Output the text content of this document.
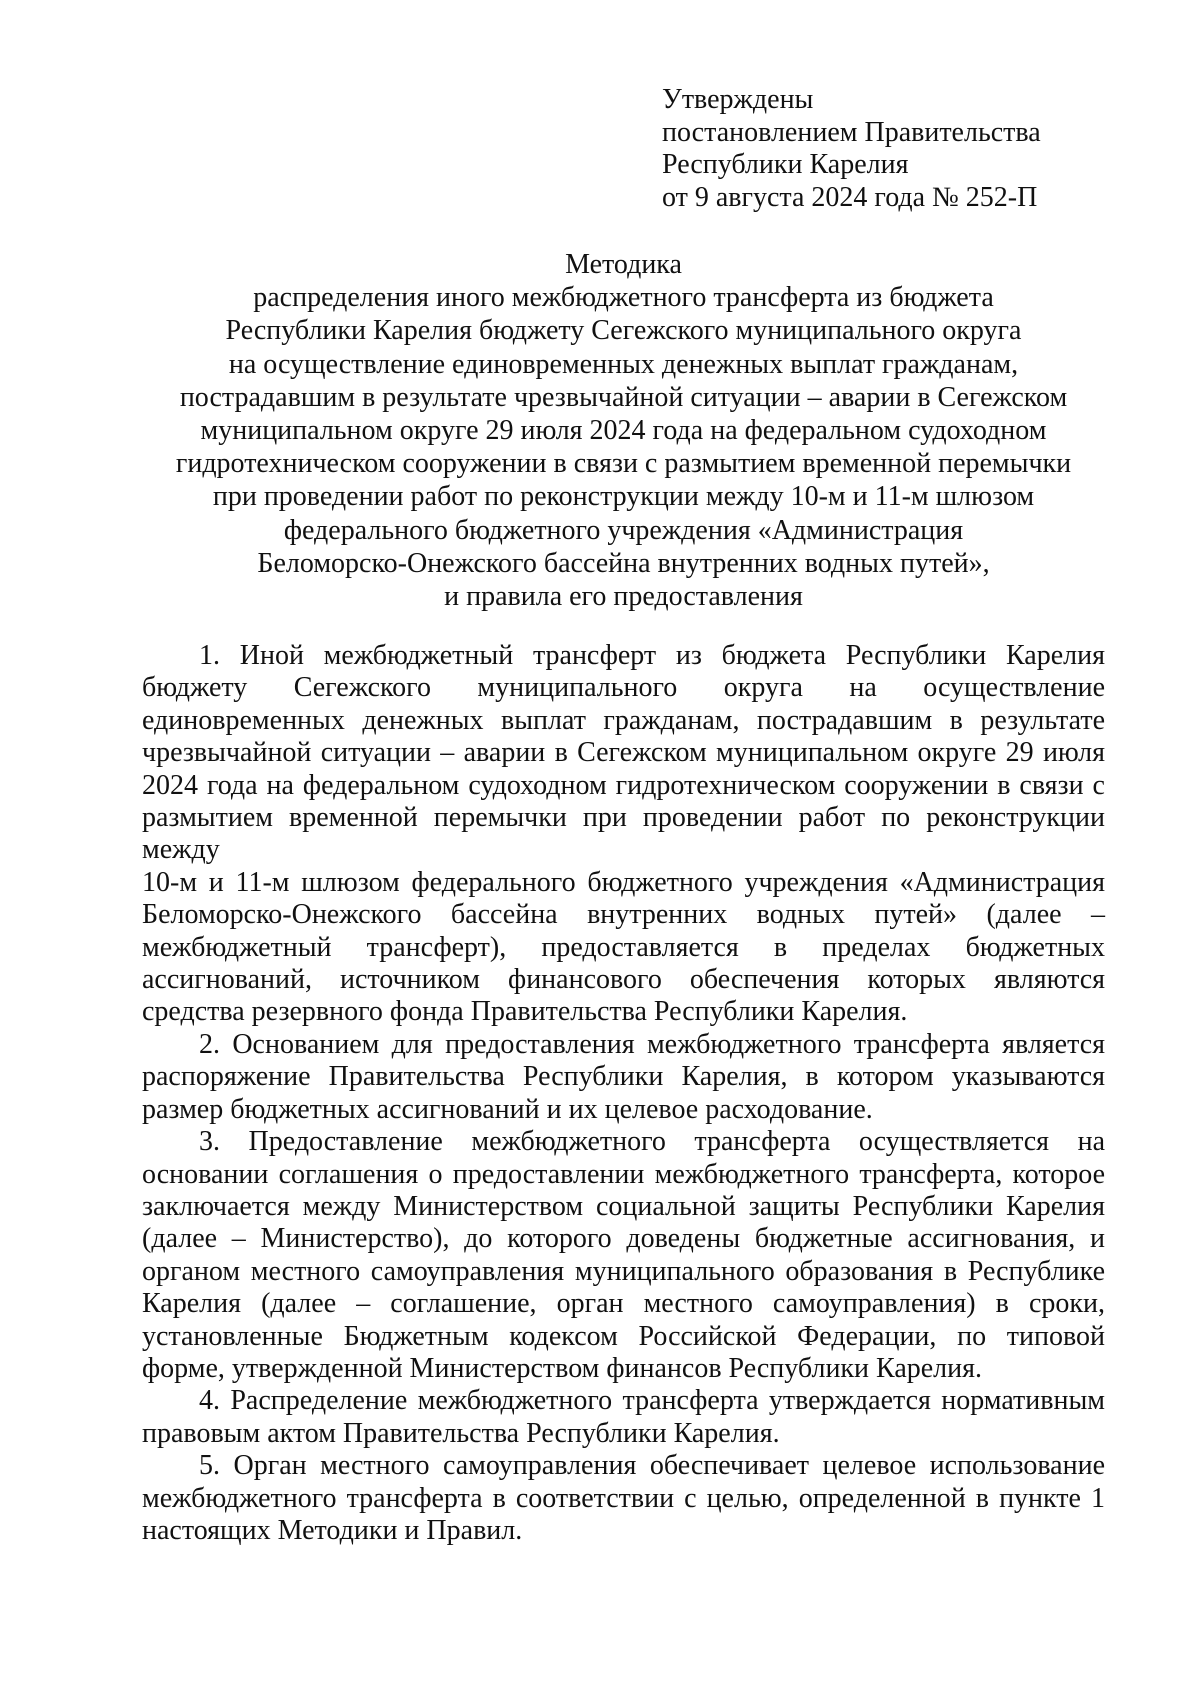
Утверждены
постановлением Правительства
Республики Карелия
от 9 августа 2024 года № 252-П
Методика
распределения иного межбюджетного трансферта из бюджета
Республики Карелия бюджету Сегежского муниципального округа
на осуществление единовременных денежных выплат гражданам,
пострадавшим в результате чрезвычайной ситуации – аварии в Сегежском
муниципальном округе 29 июля 2024 года на федеральном судоходном
гидротехническом сооружении в связи с размытием временной перемычки
при проведении работ по реконструкции между 10-м и 11-м шлюзом
федерального бюджетного учреждения «Администрация
Беломорско-Онежского бассейна внутренних водных путей»,
и правила его предоставления

1. Иной межбюджетный трансферт из бюджета Республики Карелия бюджету Сегежского муниципального округа на осуществление единовременных денежных выплат гражданам, пострадавшим в результате чрезвычайной ситуации – аварии в Сегежском муниципальном округе 29 июля 2024 года на федеральном судоходном гидротехническом сооружении в связи с размытием временной перемычки при проведении работ по реконструкции между

10-м и 11-м шлюзом федерального бюджетного учреждения «Администрация Беломорско-Онежского бассейна внутренних водных путей» (далее – межбюджетный трансферт), предоставляется в пределах бюджетных ассигнований, источником финансового обеспечения которых являются средства резервного фонда Правительства Республики Карелия.

2. Основанием для предоставления межбюджетного трансферта является распоряжение Правительства Республики Карелия, в котором указываются размер бюджетных ассигнований и их целевое расходование.

3. Предоставление межбюджетного трансферта осуществляется на основании соглашения о предоставлении межбюджетного трансферта, которое заключается между Министерством социальной защиты Республики Карелия (далее – Министерство), до которого доведены бюджетные ассигнования, и органом местного самоуправления муниципального образования в Республике Карелия (далее – соглашение, орган местного самоуправления) в сроки, установленные Бюджетным кодексом Российской Федерации, по типовой форме, утвержденной Министерством финансов Республики Карелия.

4. Распределение межбюджетного трансферта утверждается нормативным правовым актом Правительства Республики Карелия.

5. Орган местного самоуправления обеспечивает целевое использование межбюджетного трансферта в соответствии с целью, определенной в пункте 1 настоящих Методики и Правил.
